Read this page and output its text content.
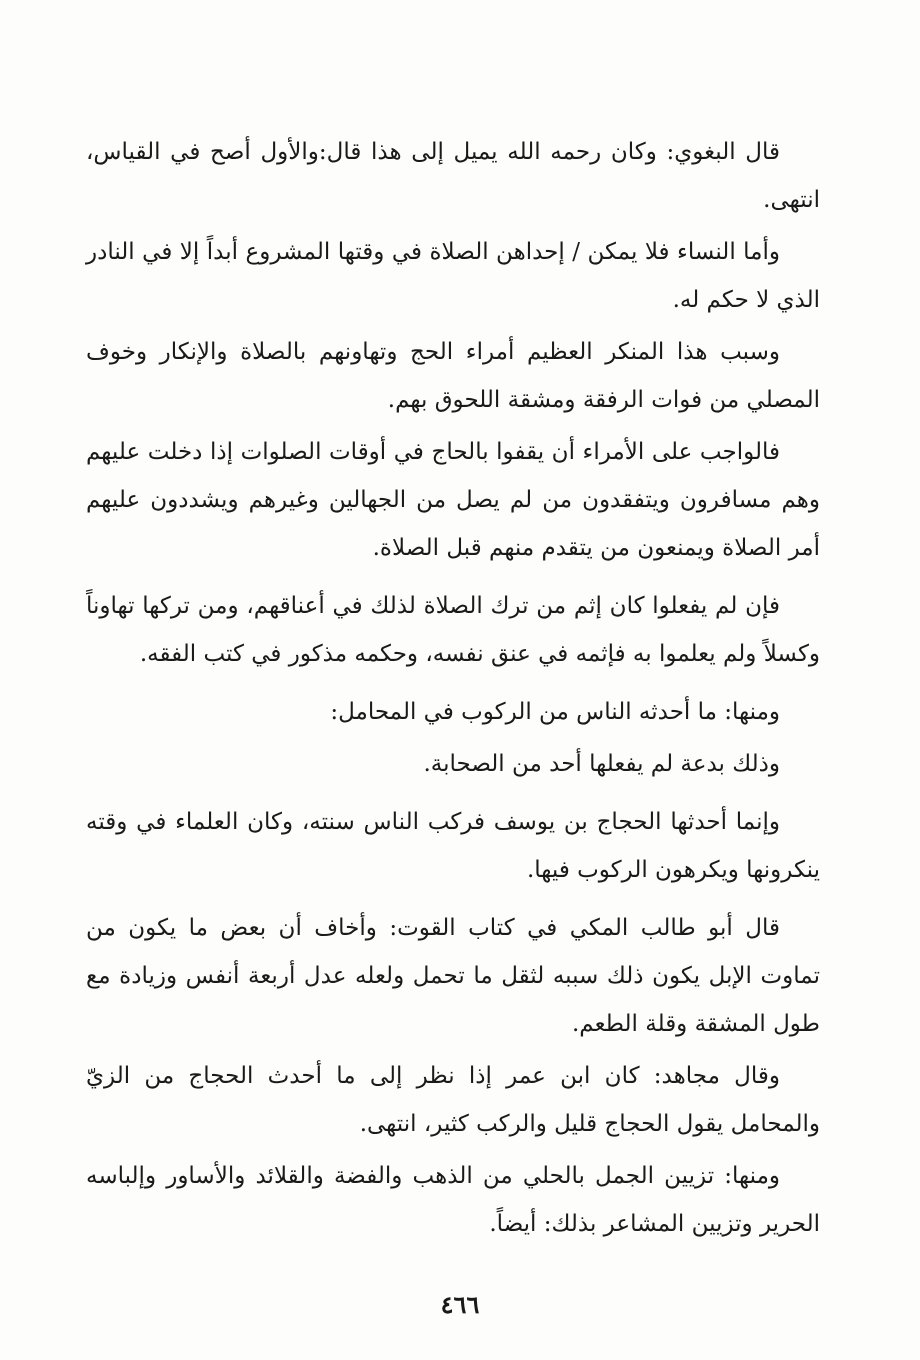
قال البغوي: وكان رحمه الله يميل إلى هذا قال:والأول أصح في القياس، انتهى.

وأما النساء فلا يمكن / إحداهن الصلاة في وقتها المشروع أبداً إلا في النادر الذي لا حكم له.

وسبب هذا المنكر العظيم أمراء الحج وتهاونهم بالصلاة والإنكار وخوف المصلي من فوات الرفقة ومشقة اللحوق بهم.

فالواجب على الأمراء أن يقفوا بالحاج في أوقات الصلوات إذا دخلت عليهم وهم مسافرون ويتفقدون من لم يصل من الجهالين وغيرهم ويشددون عليهم أمر الصلاة ويمنعون من يتقدم منهم قبل الصلاة.

فإن لم يفعلوا كان إثم من ترك الصلاة لذلك في أعناقهم، ومن تركها تهاوناً وكسلاً ولم يعلموا به فإثمه في عنق نفسه، وحكمه مذكور في كتب الفقه.

ومنها: ما أحدثه الناس من الركوب في المحامل:

وذلك بدعة لم يفعلها أحد من الصحابة.

وإنما أحدثها الحجاج بن يوسف فركب الناس سنته، وكان العلماء في وقته ينكرونها ويكرهون الركوب فيها.

قال أبو طالب المكي في كتاب القوت: وأخاف أن بعض ما يكون من تماوت الإبل يكون ذلك سببه لثقل ما تحمل ولعله عدل أربعة أنفس وزيادة مع طول المشقة وقلة الطعم.

وقال مجاهد: كان ابن عمر إذا نظر إلى ما أحدث الحجاج من الزيّ والمحامل يقول الحجاج قليل والركب كثير، انتهى.

ومنها: تزيين الجمل بالحلي من الذهب والفضة والقلائد والأساور وإلباسه الحرير وتزيين المشاعر بذلك: أيضاً.

٤٦٦
